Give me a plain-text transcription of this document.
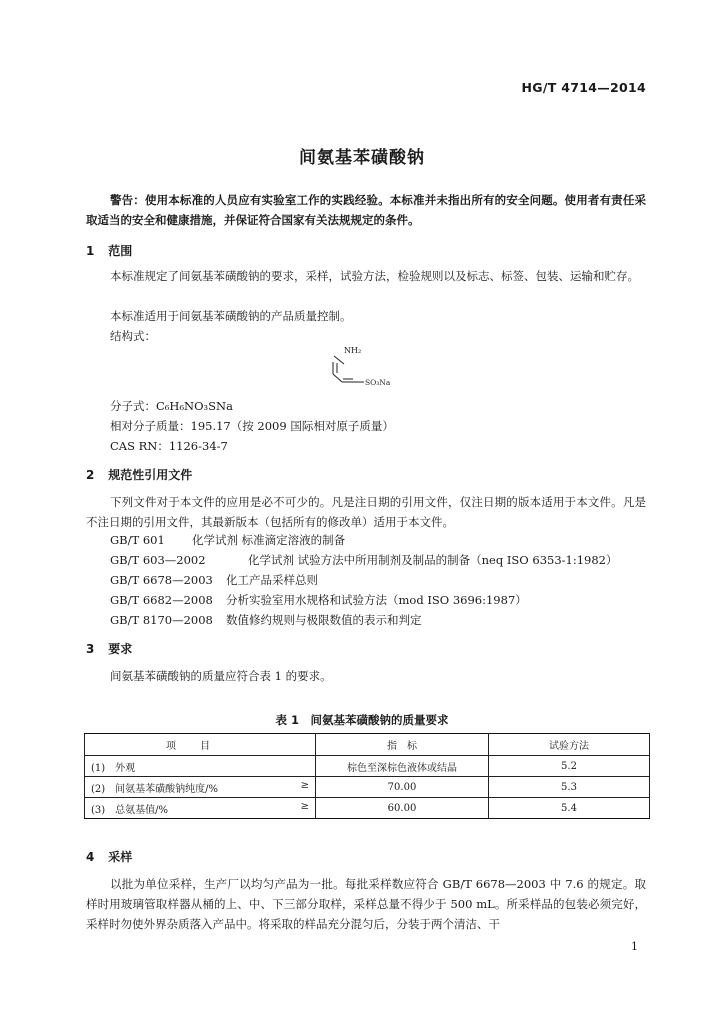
HG/T 4714—2014
间氨基苯磺酸钠
警告：使用本标准的人员应有实验室工作的实践经验。本标准并未指出所有的安全问题。使用者有责任采取适当的安全和健康措施，并保证符合国家有关法规规定的条件。
1 范围
本标准规定了间氨基苯磺酸钠的要求，采样，试验方法，检验规则以及标志、标签、包装、运输和贮存。
本标准适用于间氨基苯磺酸钠的产品质量控制。
结构式：
NH₂
SO₃Na
分子式：C₆H₆NO₃SNa
相对分子质量：195.17（按 2009 国际相对原子质量）
CAS RN：1126-34-7
2 规范性引用文件
下列文件对于本文件的应用是必不可少的。凡是注日期的引用文件，仅注日期的版本适用于本文件。凡是不注日期的引用文件，其最新版本（包括所有的修改单）适用于本文件。
GB/T 601 化学试剂 标准滴定溶液的制备
GB/T 603—2002	化学试剂 试验方法中所用制剂及制品的制备（neq ISO 6353-1:1982）
GB/T 6678—2003 化工产品采样总则
GB/T 6682—2008 分析实验室用水规格和试验方法（mod ISO 3696:1987）
GB/T 8170—2008 数值修约规则与极限数值的表示和判定
3 要求
间氨基苯磺酸钠的质量应符合表 1 的要求。
表 1　间氨基苯磺酸钠的质量要求
项目	指　标	试验方法

(1)　外观	棕色至深棕色液体或结晶	5.2

(2)　间氨基苯磺酸钠纯度/% ≥	70.00	5.3

(3)　总氨基值/% ≥	60.00	5.4
4 采样
以批为单位采样，生产厂以均匀产品为一批。每批采样数应符合 GB/T 6678—2003 中 7.6 的规定。取样时用玻璃管取样器从桶的上、中、下三部分取样，采样总量不得少于 500 mL。所采样品的包装必须完好，采样时勿使外界杂质落入产品中。将采取的样品充分混匀后，分装于两个清洁、干
1
